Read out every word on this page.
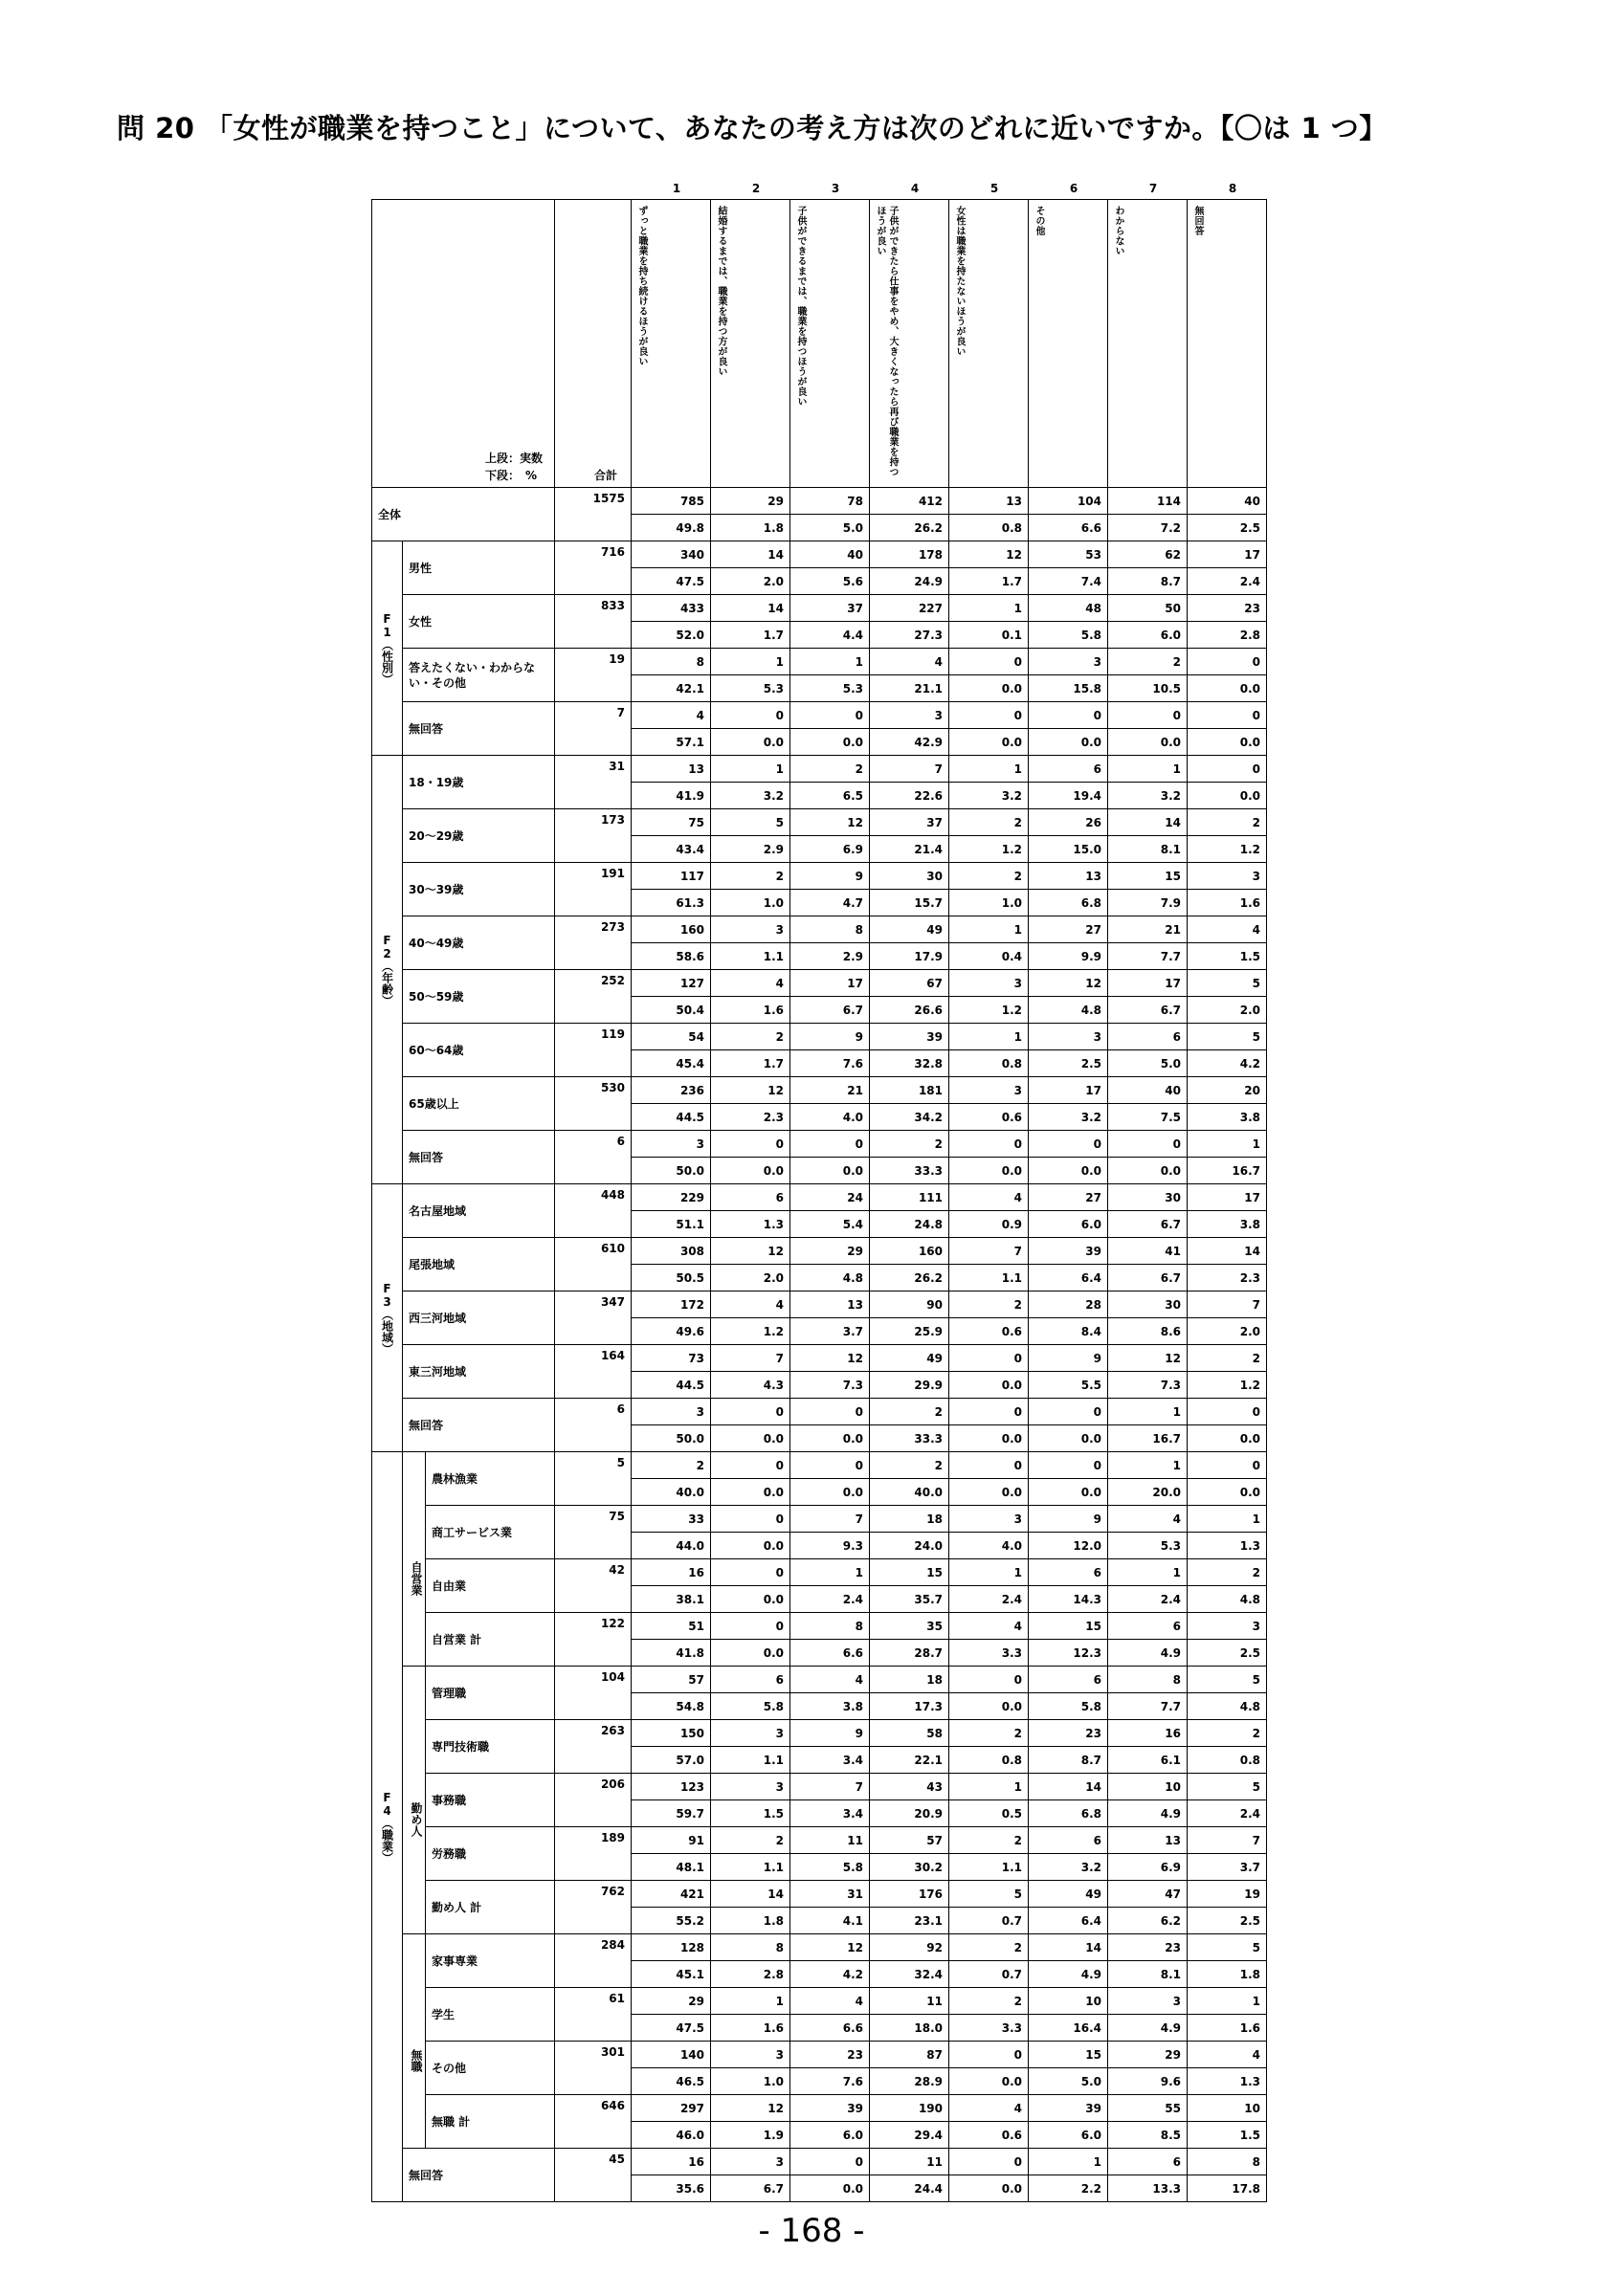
問 20 「女性が職業を持つこと」について、あなたの考え方は次のどれに近いですか。【〇は 1 つ】
1	2	3	4	5	6	7	8
上段：実数
下段：　%			合計	ずっと職業を持ち続けるほうが良い	結婚するまでは、職業を持つ方が良い	子供ができるまでは、職業を持つほうが良い	子供ができたら仕事をやめ、大きくなったら再び職業を持つほうが良い	女性は職業を持たないほうが良い	その他	わからない	無回答

全体			1575	785	29	78	412	13	104	114	40
				49.8	1.8	5.0	26.2	0.8	6.6	7.2	2.5
F1（性別）	男性		716	340	14	40	178	12	53	62	17
				47.5	2.0	5.6	24.9	1.7	7.4	8.7	2.4
	女性		833	433	14	37	227	1	48	50	23
				52.0	1.7	4.4	27.3	0.1	5.8	6.0	2.8
	答えたくない・わからない・その他		19	8	1	1	4	0	3	2	0
				42.1	5.3	5.3	21.1	0.0	15.8	10.5	0.0
	無回答		7	4	0	0	3	0	0	0	0
				57.1	0.0	0.0	42.9	0.0	0.0	0.0	0.0
F2（年齢）	18・19歳		31	13	1	2	7	1	6	1	0
				41.9	3.2	6.5	22.6	3.2	19.4	3.2	0.0
	20～29歳		173	75	5	12	37	2	26	14	2
				43.4	2.9	6.9	21.4	1.2	15.0	8.1	1.2
	30～39歳		191	117	2	9	30	2	13	15	3
				61.3	1.0	4.7	15.7	1.0	6.8	7.9	1.6
	40～49歳		273	160	3	8	49	1	27	21	4
				58.6	1.1	2.9	17.9	0.4	9.9	7.7	1.5
	50～59歳		252	127	4	17	67	3	12	17	5
				50.4	1.6	6.7	26.6	1.2	4.8	6.7	2.0
	60～64歳		119	54	2	9	39	1	3	6	5
				45.4	1.7	7.6	32.8	0.8	2.5	5.0	4.2
	65歳以上		530	236	12	21	181	3	17	40	20
				44.5	2.3	4.0	34.2	0.6	3.2	7.5	3.8
	無回答		6	3	0	0	2	0	0	0	1
				50.0	0.0	0.0	33.3	0.0	0.0	0.0	16.7
F3（地域）	名古屋地域		448	229	6	24	111	4	27	30	17
				51.1	1.3	5.4	24.8	0.9	6.0	6.7	3.8
	尾張地域		610	308	12	29	160	7	39	41	14
				50.5	2.0	4.8	26.2	1.1	6.4	6.7	2.3
	西三河地域		347	172	4	13	90	2	28	30	7
				49.6	1.2	3.7	25.9	0.6	8.4	8.6	2.0
	東三河地域		164	73	7	12	49	0	9	12	2
				44.5	4.3	7.3	29.9	0.0	5.5	7.3	1.2
	無回答		6	3	0	0	2	0	0	1	0
				50.0	0.0	0.0	33.3	0.0	0.0	16.7	0.0
F4（職業）	自営業	農林漁業	5	2	0	0	2	0	0	1	0
				40.0	0.0	0.0	40.0	0.0	0.0	20.0	0.0
		商工サービス業	75	33	0	7	18	3	9	4	1
				44.0	0.0	9.3	24.0	4.0	12.0	5.3	1.3
		自由業	42	16	0	1	15	1	6	1	2
				38.1	0.0	2.4	35.7	2.4	14.3	2.4	4.8
		自営業 計	122	51	0	8	35	4	15	6	3
				41.8	0.0	6.6	28.7	3.3	12.3	4.9	2.5
	勤め人	管理職	104	57	6	4	18	0	6	8	5
				54.8	5.8	3.8	17.3	0.0	5.8	7.7	4.8
		専門技術職	263	150	3	9	58	2	23	16	2
				57.0	1.1	3.4	22.1	0.8	8.7	6.1	0.8
		事務職	206	123	3	7	43	1	14	10	5
				59.7	1.5	3.4	20.9	0.5	6.8	4.9	2.4
		労務職	189	91	2	11	57	2	6	13	7
				48.1	1.1	5.8	30.2	1.1	3.2	6.9	3.7
		勤め人 計	762	421	14	31	176	5	49	47	19
				55.2	1.8	4.1	23.1	0.7	6.4	6.2	2.5
	無職	家事専業	284	128	8	12	92	2	14	23	5
				45.1	2.8	4.2	32.4	0.7	4.9	8.1	1.8
		学生	61	29	1	4	11	2	10	3	1
				47.5	1.6	6.6	18.0	3.3	16.4	4.9	1.6
		その他	301	140	3	23	87	0	15	29	4
				46.5	1.0	7.6	28.9	0.0	5.0	9.6	1.3
		無職 計	646	297	12	39	190	4	39	55	10
				46.0	1.9	6.0	29.4	0.6	6.0	8.5	1.5
	無回答		45	16	3	0	11	0	1	6	8
				35.6	6.7	0.0	24.4	0.0	2.2	13.3	17.8
- 168 -
